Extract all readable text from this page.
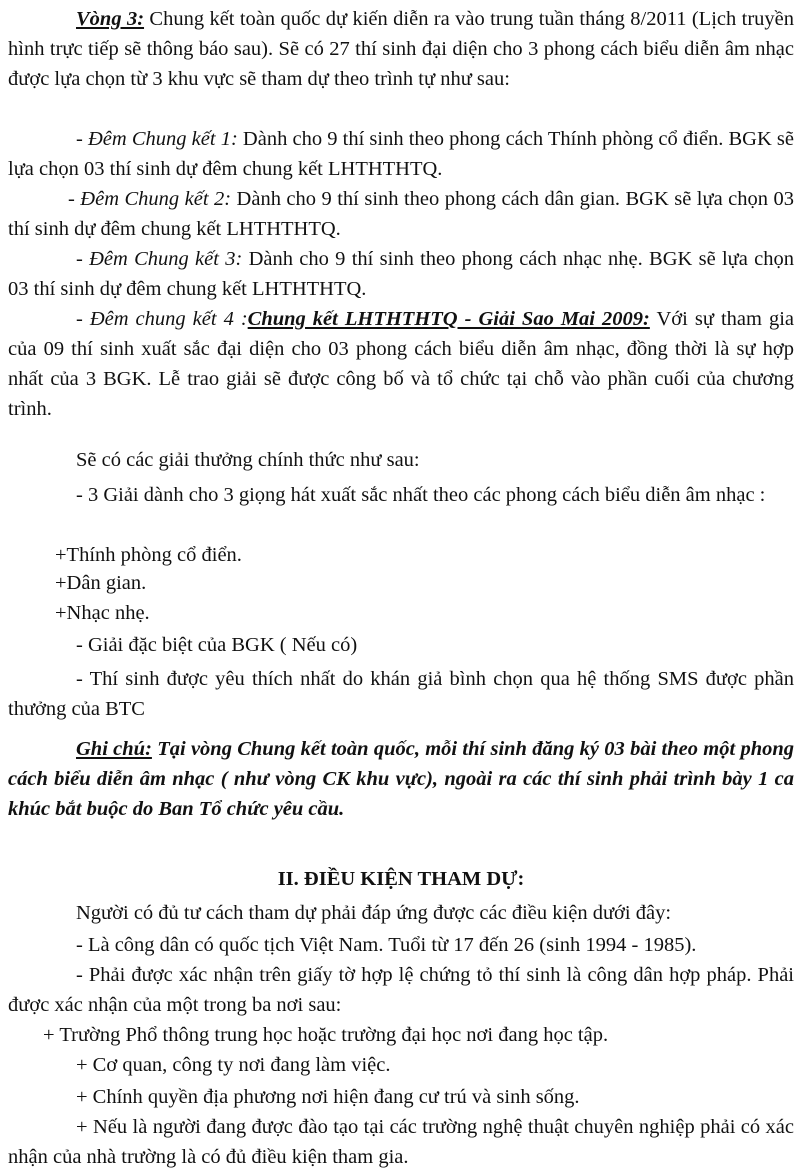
Vòng 3: Chung kết toàn quốc dự kiến diễn ra vào trung tuần tháng 8/2011 (Lịch truyền hình trực tiếp sẽ thông báo sau). Sẽ có 27 thí sinh đại diện cho 3 phong cách biểu diễn âm nhạc được lựa chọn từ 3 khu vực sẽ tham dự theo trình tự như sau:

- Đêm Chung kết 1: Dành cho 9 thí sinh theo phong cách Thính phòng cổ điển. BGK sẽ lựa chọn 03 thí sinh dự đêm chung kết LHTHTHTQ.

- Đêm Chung kết 2: Dành cho 9 thí sinh theo phong cách dân gian. BGK sẽ lựa chọn 03 thí sinh dự đêm chung kết LHTHTHTQ.

- Đêm Chung kết 3: Dành cho 9 thí sinh theo phong cách nhạc nhẹ. BGK sẽ lựa chọn 03 thí sinh dự đêm chung kết LHTHTHTQ.

- Đêm chung kết 4 :Chung kết LHTHTHTQ - Giải Sao Mai 2009: Với sự tham gia của 09 thí sinh xuất sắc đại diện cho 03 phong cách biểu diễn âm nhạc, đồng thời là sự hợp nhất của 3 BGK. Lễ trao giải sẽ được công bố và tổ chức tại chỗ vào phần cuối của chương trình.

Sẽ có các giải thưởng chính thức như sau:

- 3 Giải dành cho 3 giọng hát xuất sắc nhất theo các phong cách biểu diễn âm nhạc :

+Thính phòng cổ điển.

+Dân gian.

+Nhạc nhẹ.

- Giải đặc biệt của BGK ( Nếu có)

- Thí sinh được yêu thích nhất do khán giả bình chọn qua hệ thống SMS được phần thưởng của BTC

Ghi chú: Tại vòng Chung kết toàn quốc, mỗi thí sinh đăng ký 03 bài theo một phong cách biểu diễn âm nhạc ( như vòng CK khu vực), ngoài ra các thí sinh phải trình bày 1 ca khúc bắt buộc do Ban Tổ chức yêu cầu.

II. ĐIỀU KIỆN THAM DỰ:

Người có đủ tư cách tham dự phải đáp ứng được các điều kiện dưới đây:

- Là công dân có quốc tịch Việt Nam. Tuổi từ 17 đến 26 (sinh 1994 - 1985).

- Phải được xác nhận trên giấy tờ hợp lệ chứng tỏ thí sinh là công dân hợp pháp. Phải được xác nhận của một trong ba nơi sau:

+ Trường Phổ thông trung học hoặc trường đại học nơi đang học tập.

+ Cơ quan, công ty nơi đang làm việc.

+ Chính quyền địa phương nơi hiện đang cư trú và sinh sống.

+ Nếu là người đang được đào tạo tại các trường nghệ thuật chuyên nghiệp phải có xác nhận của nhà trường là có đủ điều kiện tham gia.
